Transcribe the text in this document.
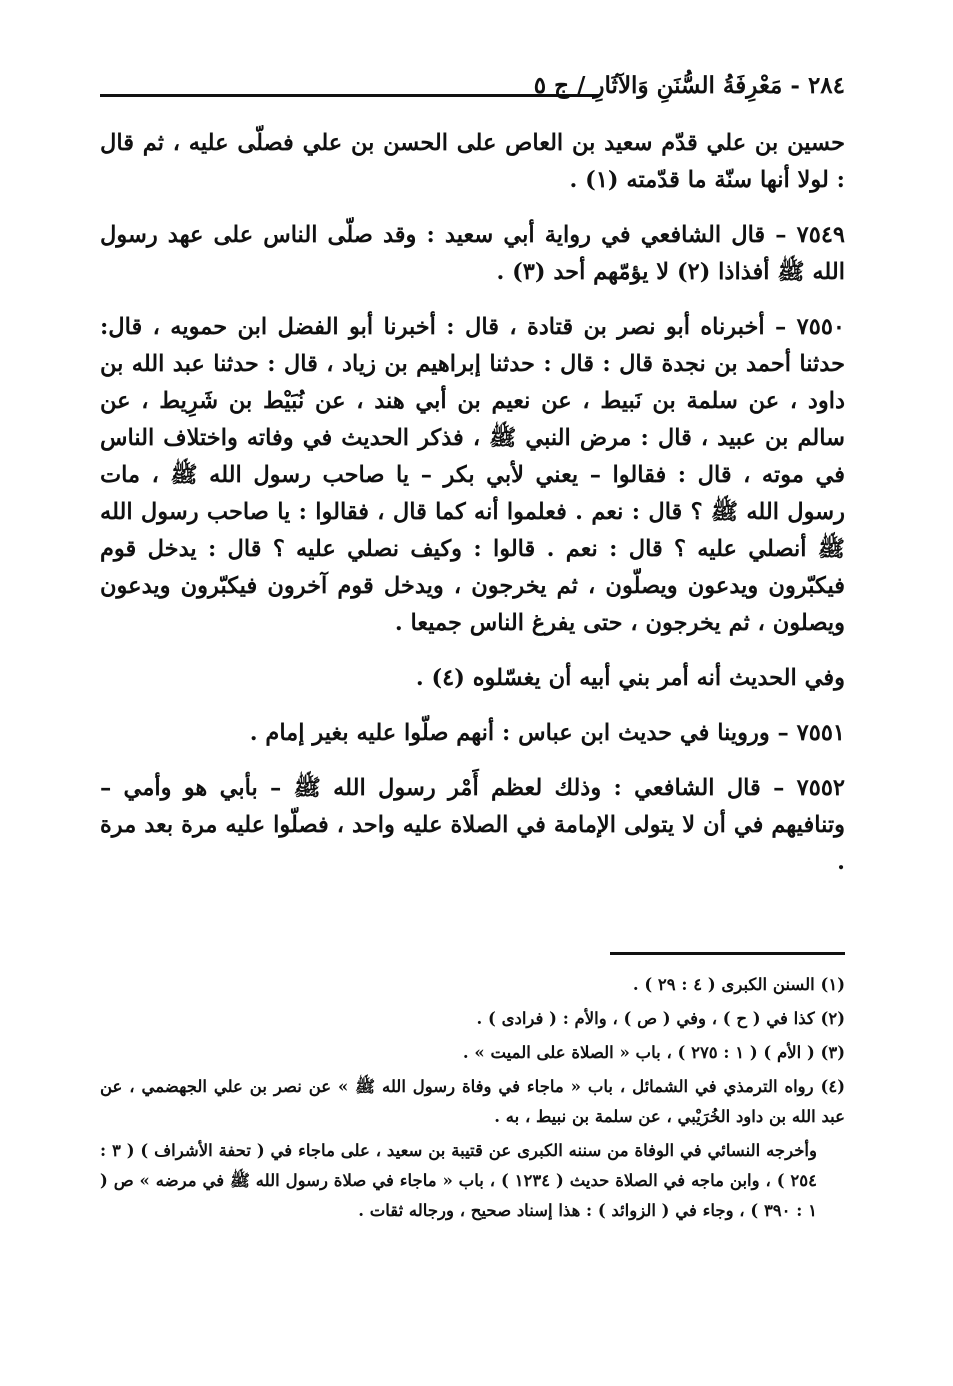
٢٨٤ - مَعْرِفَةُ السُّنَنِ وَالآثَارِ / ج ٥

حسين بن علي قدّم سعيد بن العاص على الحسن بن علي فصلّى عليه ، ثم قال : لولا أنها سنّة ما قدّمته (١) .

٧٥٤٩ – قال الشافعي في رواية أبي سعيد : وقد صلّى الناس على عهد رسول الله ﷺ أفذاذا (٢) لا يؤمّهم أحد (٣) .

٧٥٥٠ – أخبرناه أبو نصر بن قتادة ، قال : أخبرنا أبو الفضل ابن حمويه ، قال: حدثنا أحمد بن نجدة قال : قال : حدثنا إبراهيم بن زياد ، قال : حدثنا عبد الله بن داود ، عن سلمة بن نَبيط ، عن نعيم بن أبي هند ، عن نُبَيْط بن شَرِيط ، عن سالم بن عبيد ، قال : مرض النبي ﷺ ، فذكر الحديث في وفاته واختلاف الناس في موته ، قال : فقالوا – يعني لأبي بكر – يا صاحب رسول الله ﷺ ، مات رسول الله ﷺ ؟ قال : نعم . فعلموا أنه كما قال ، فقالوا : يا صاحب رسول الله ﷺ أنصلي عليه ؟ قال : نعم . قالوا : وكيف نصلي عليه ؟ قال : يدخل قوم فيكبّرون ويدعون ويصلّون ، ثم يخرجون ، ويدخل قوم آخرون فيكبّرون ويدعون ويصلون ، ثم يخرجون ، حتى يفرغ الناس جميعا .

وفي الحديث أنه أمر بني أبيه أن يغسّلوه (٤) .

٧٥٥١ – وروينا في حديث ابن عباس : أنهم صلّوا عليه بغير إمام .

٧٥٥٢ – قال الشافعي : وذلك لعظم أَمْر رسول الله ﷺ – بأبي هو وأمي – وتنافيهم في أن لا يتولى الإمامة في الصلاة عليه واحد ، فصلّوا عليه مرة بعد مرة .

(١) السنن الكبرى ( ٤ : ٢٩ ) .

(٢) كذا في ( ح ) ، وفي ( ص ) ، والأم : ( فرادى ) .

(٣) ( الأم ) ( ١ : ٢٧٥ ) ، باب « الصلاة على الميت » .

(٤) رواه الترمذي في الشمائل ، باب « ماجاء في وفاة رسول الله ﷺ » عن نصر بن علي الجهضمي ، عن عبد الله بن داود الخُرَيْبي ، عن سلمة بن نبيط ، به .

وأخرجه النسائي في الوفاة من سننه الكبرى عن قتيبة بن سعيد ، على ماجاء في ( تحفة الأشراف ) ( ٣ : ٢٥٤ ) ، وابن ماجه في الصلاة حديث ( ١٢٣٤ ) ، باب « ماجاء في صلاة رسول الله ﷺ في مرضه » ص ( ١ : ٣٩٠ ) ، وجاء في ( الزوائد ) : هذا إسناد صحيح ، ورجاله ثقات .
